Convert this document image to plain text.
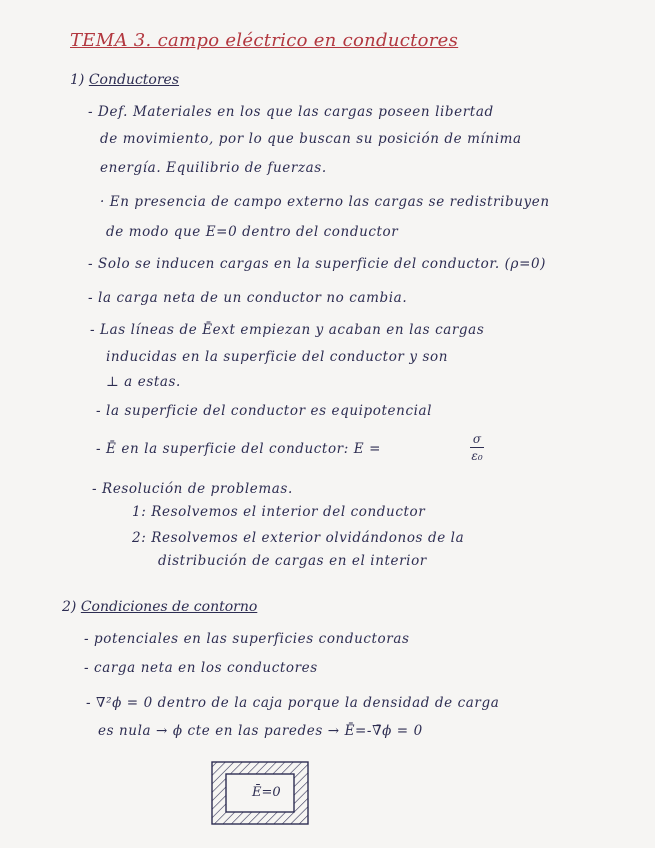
TEMA 3. campo eléctrico en conductores
1) Conductores
- Def. Materiales en los que las cargas poseen libertad
de movimiento, por lo que buscan su posición de mínima
energía. Equilibrio de fuerzas.
· En presencia de campo externo las cargas se redistribuyen
de modo que E=0 dentro del conductor
- Solo se inducen cargas en la superficie del conductor. (ρ=0)
- la carga neta de un conductor no cambia.
- Las líneas de Ēext empiezan y acaban en las cargas
inducidas en la superficie del conductor y son
⊥ a estas.
- la superficie del conductor es equipotencial
- Ē en la superficie del conductor: E =
σ
ε₀
- Resolución de problemas.
1: Resolvemos el interior del conductor
2: Resolvemos el exterior olvidándonos de la
distribución de cargas en el interior
2) Condiciones de contorno
- potenciales en las superficies conductoras
- carga neta en los conductores
- ∇²ϕ = 0 dentro de la caja porque la densidad de carga
es nula → ϕ cte en las paredes → Ē=-∇̄ϕ = 0
Ē=0
